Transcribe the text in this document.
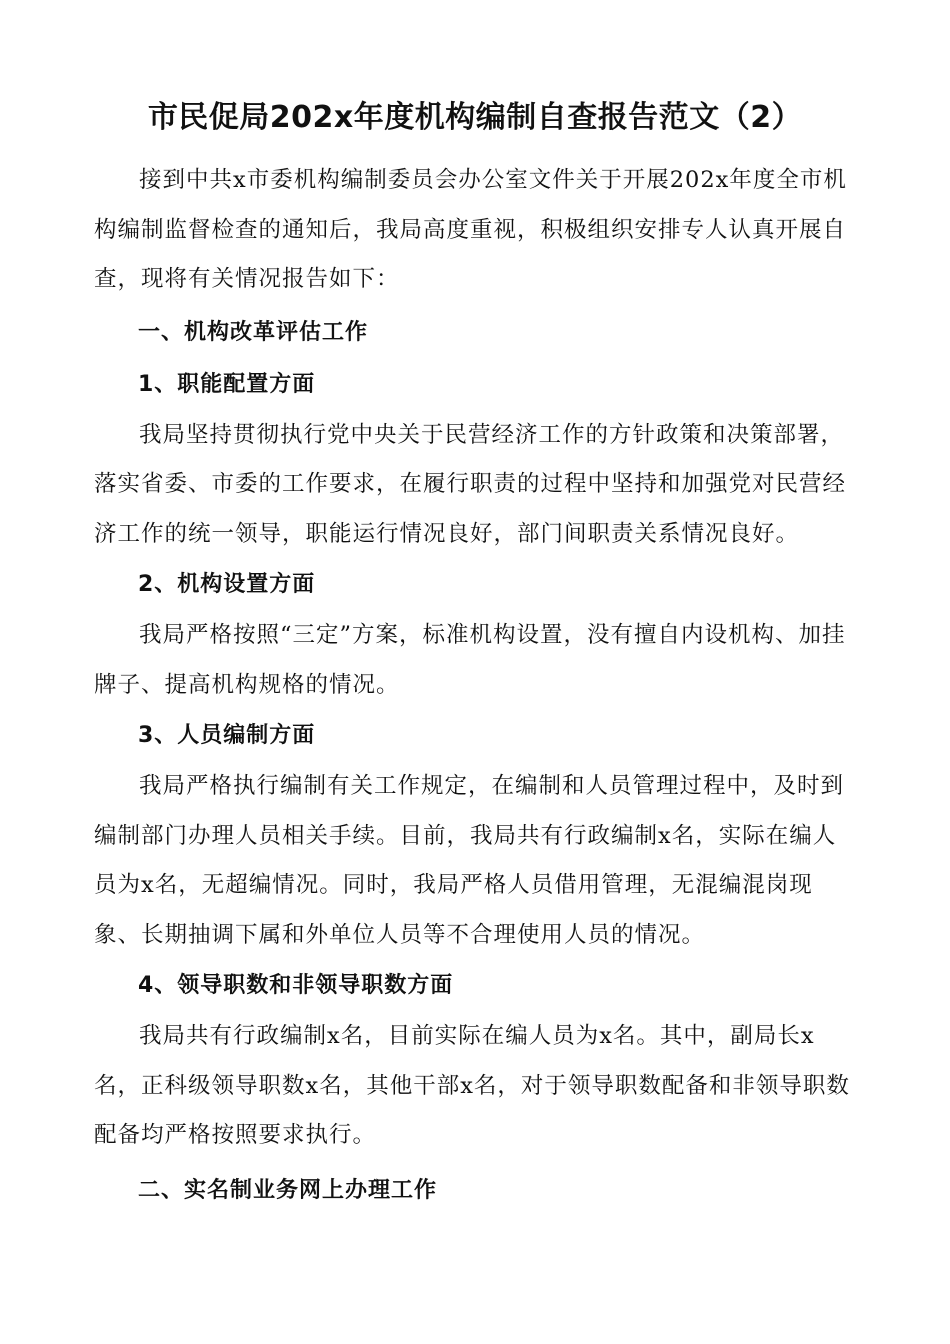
市民促局202x年度机构编制自查报告范文（2）

接到中共x市委机构编制委员会办公室文件关于开展202x年度全市机构编制监督检查的通知后，我局高度重视，积极组织安排专人认真开展自查，现将有关情况报告如下：

一、机构改革评估工作
1、职能配置方面

我局坚持贯彻执行党中央关于民营经济工作的方针政策和决策部署，落实省委、市委的工作要求，在履行职责的过程中坚持和加强党对民营经济工作的统一领导，职能运行情况良好，部门间职责关系情况良好。

2、机构设置方面

我局严格按照“三定”方案，标准机构设置，没有擅自内设机构、加挂牌子、提高机构规格的情况。

3、人员编制方面

我局严格执行编制有关工作规定，在编制和人员管理过程中，及时到编制部门办理人员相关手续。目前，我局共有行政编制x名，实际在编人员为x名，无超编情况。同时，我局严格人员借用管理，无混编混岗现象、长期抽调下属和外单位人员等不合理使用人员的情况。

4、领导职数和非领导职数方面

我局共有行政编制x名，目前实际在编人员为x名。其中，副局长x名，正科级领导职数x名，其他干部x名，对于领导职数配备和非领导职数配备均严格按照要求执行。

二、实名制业务网上办理工作
